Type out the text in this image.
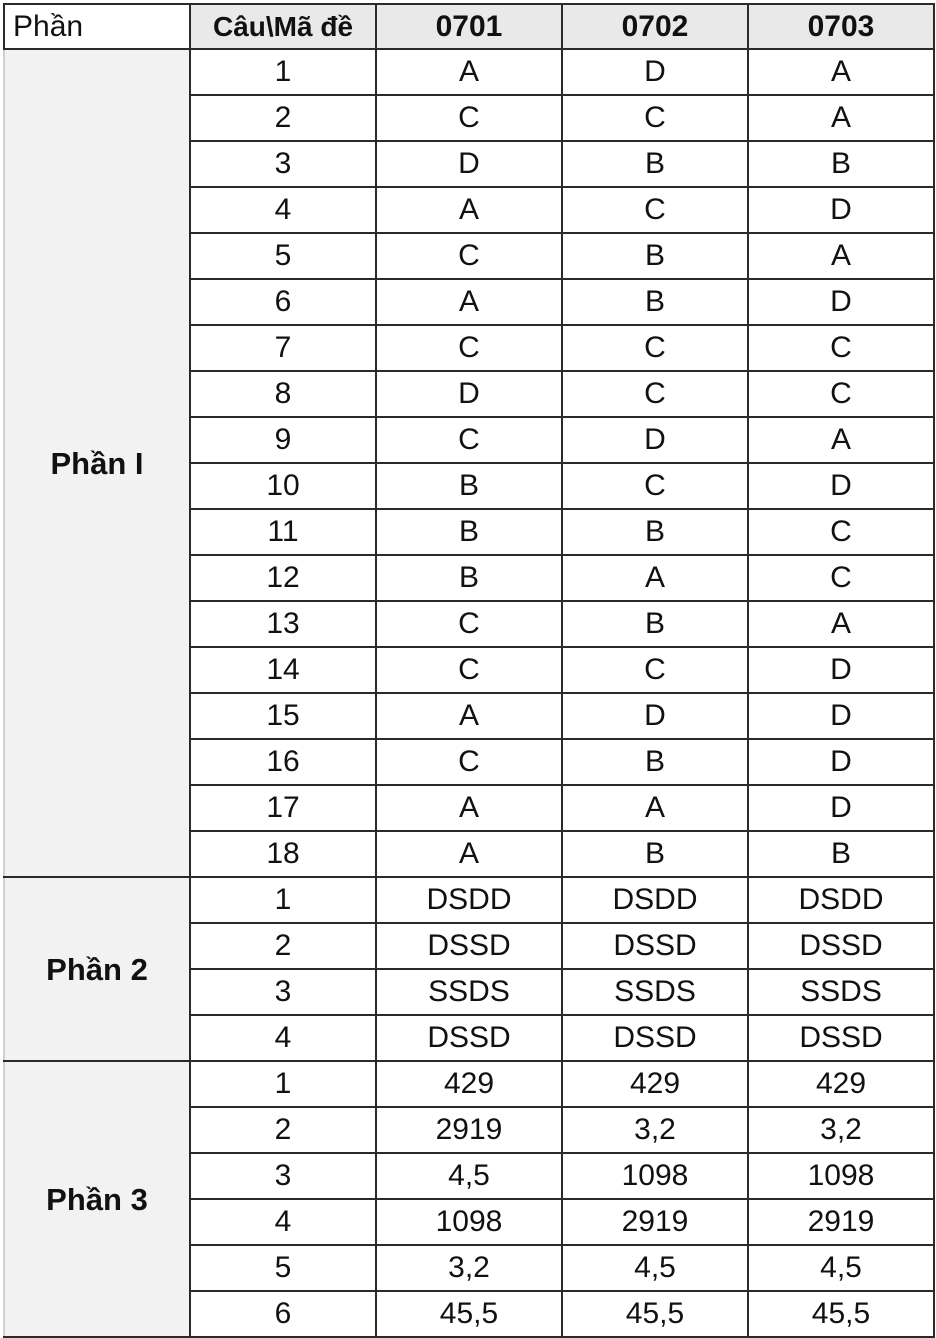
Phần	Câu\Mã đề	0701	0702	0703
Phần I	1	A	D	A
	2	C	C	A
	3	D	B	B
	4	A	C	D
	5	C	B	A
	6	A	B	D
	7	C	C	C
	8	D	C	C
	9	C	D	A
	10	B	C	D
	11	B	B	C
	12	B	A	C
	13	C	B	A
	14	C	C	D
	15	A	D	D
	16	C	B	D
	17	A	A	D
	18	A	B	B
Phần 2	1	DSDD	DSDD	DSDD
	2	DSSD	DSSD	DSSD
	3	SSDS	SSDS	SSDS
	4	DSSD	DSSD	DSSD
Phần 3	1	429	429	429
	2	2919	3,2	3,2
	3	4,5	1098	1098
	4	1098	2919	2919
	5	3,2	4,5	4,5
	6	45,5	45,5	45,5
